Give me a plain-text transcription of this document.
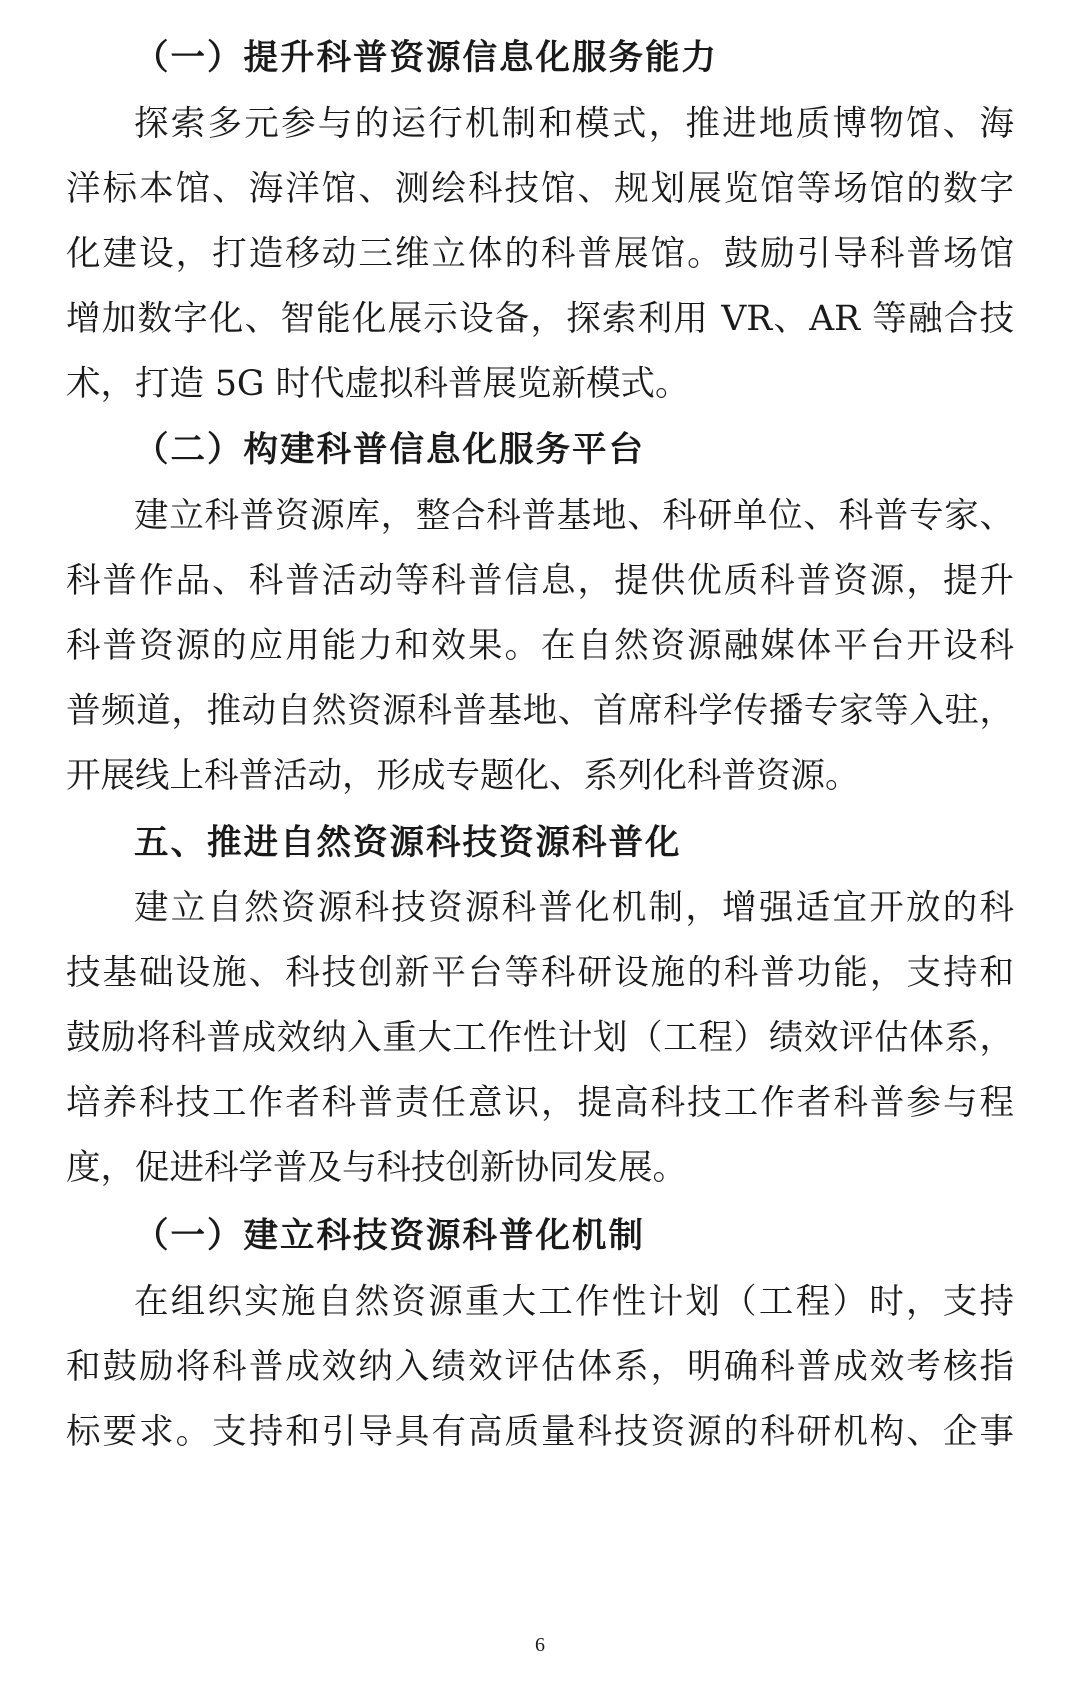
（一）提升科普资源信息化服务能力
探索多元参与的运行机制和模式，推进地质博物馆、海
洋标本馆、海洋馆、测绘科技馆、规划展览馆等场馆的数字
化建设，打造移动三维立体的科普展馆。鼓励引导科普场馆
增加数字化、智能化展示设备，探索利用 VR、AR 等融合技
术，打造 5G 时代虚拟科普展览新模式。
（二）构建科普信息化服务平台
建立科普资源库，整合科普基地、科研单位、科普专家、
科普作品、科普活动等科普信息，提供优质科普资源，提升
科普资源的应用能力和效果。在自然资源融媒体平台开设科
普频道，推动自然资源科普基地、首席科学传播专家等入驻，
开展线上科普活动，形成专题化、系列化科普资源。
五、推进自然资源科技资源科普化
建立自然资源科技资源科普化机制，增强适宜开放的科
技基础设施、科技创新平台等科研设施的科普功能，支持和
鼓励将科普成效纳入重大工作性计划（工程）绩效评估体系，
培养科技工作者科普责任意识，提高科技工作者科普参与程
度，促进科学普及与科技创新协同发展。
（一）建立科技资源科普化机制
在组织实施自然资源重大工作性计划（工程）时，支持
和鼓励将科普成效纳入绩效评估体系，明确科普成效考核指
标要求。支持和引导具有高质量科技资源的科研机构、企事
6
